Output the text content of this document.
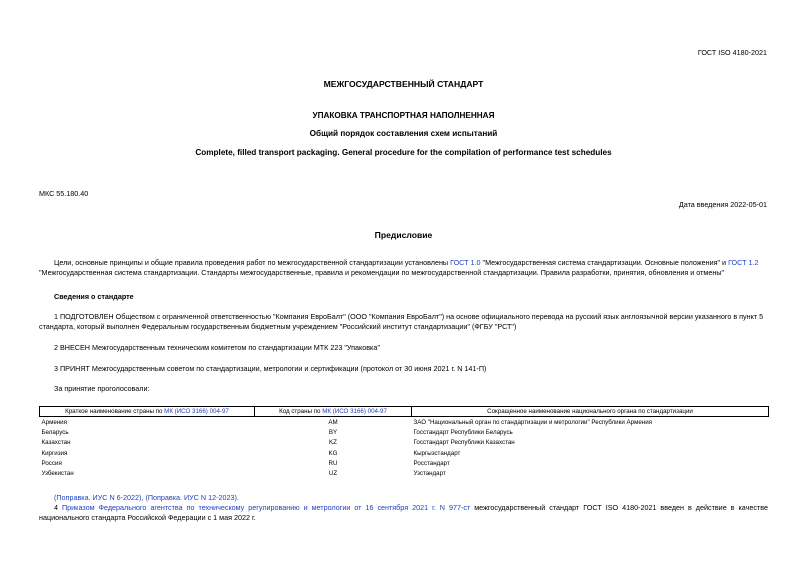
ГОСТ ISO 4180-2021
МЕЖГОСУДАРСТВЕННЫЙ СТАНДАРТ
УПАКОВКА ТРАНСПОРТНАЯ НАПОЛНЕННАЯ
Общий порядок составления схем испытаний
Complete, filled transport packaging. General procedure for the compilation of performance test schedules
МКС 55.180.40
Дата введения 2022-05-01
Предисловие
Цели, основные принципы и общие правила проведения работ по межгосударственной стандартизации установлены ГОСТ 1.0 "Межгосударственная система стандартизации. Основные положения" и ГОСТ 1.2 "Межгосударственная система стандартизации. Стандарты межгосударственные, правила и рекомендации по межгосударственной стандартизации. Правила разработки, принятия, обновления и отмены"
Сведения о стандарте
1 ПОДГОТОВЛЕН Обществом с ограниченной ответственностью "Компания ЕвроБалт" (ООО "Компания ЕвроБалт") на основе официального перевода на русский язык англоязычной версии указанного в пункт 5 стандарта, который выполнен Федеральным государственным бюджетным учреждением "Российский институт стандартизации" (ФГБУ "РСТ")
2 ВНЕСЕН Межгосударственным техническим комитетом по стандартизации МТК 223 "Упаковка"
3 ПРИНЯТ Межгосударственным советом по стандартизации, метрологии и сертификации (протокол от 30 июня 2021 г. N 141-П)
За принятие проголосовали:
Краткое наименование страны по МК (ИСО 3166) 004-97	Код страны по МК (ИСО 3166) 004-97	Сокращенное наименование национального органа по стандартизации
Армения	AM	ЗАО "Национальный орган по стандартизации и метрологии" Республики Армения
Беларусь	BY	Госстандарт Республики Беларусь
Казахстан	KZ	Госстандарт Республики Казахстан
Киргизия	KG	Кыргызстандарт
Россия	RU	Росстандарт
Узбекистан	UZ	Узстандарт
(Поправка. ИУС N 6-2022), (Поправка. ИУС N 12-2023).
4 Приказом Федерального агентства по техническому регулированию и метрологии от 16 сентября 2021 г. N 977-ст межгосударственный стандарт ГОСТ ISO 4180-2021 введен в действие в качестве национального стандарта Российской Федерации с 1 мая 2022 г.
